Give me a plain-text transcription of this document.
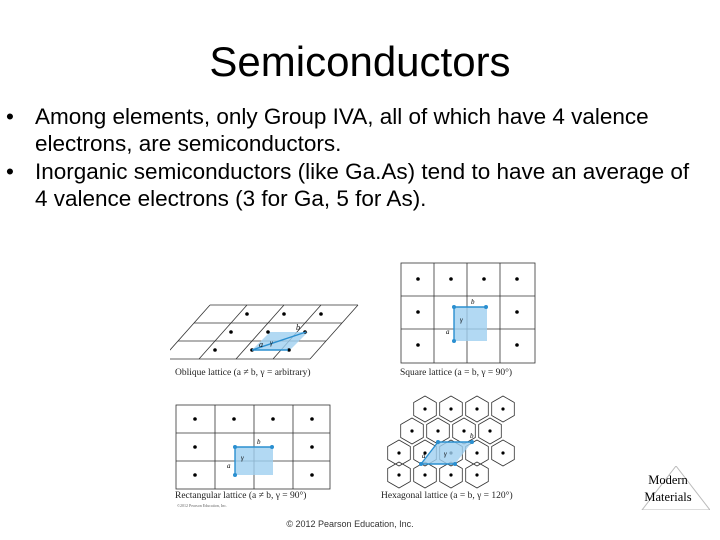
Semiconductors
• Among elements, only Group IVA, all of which have 4 valence electrons, are semiconductors.
• Inorganic semiconductors (like Ga.As) tend to have an average of 4 valence electrons (3 for Ga, 5 for As).
b
a γ
Oblique lattice (a ≠ b, γ = arbitrary)
b
a
γ
Square lattice (a = b, γ = 90°)
b
a
γ
Rectangular lattice (a ≠ b, γ = 90°)
©2012 Pearson Education, Inc.
b
a	γ
Hexagonal lattice (a = b, γ = 120°)
© 2012 Pearson Education, Inc.
Modern
Materials
